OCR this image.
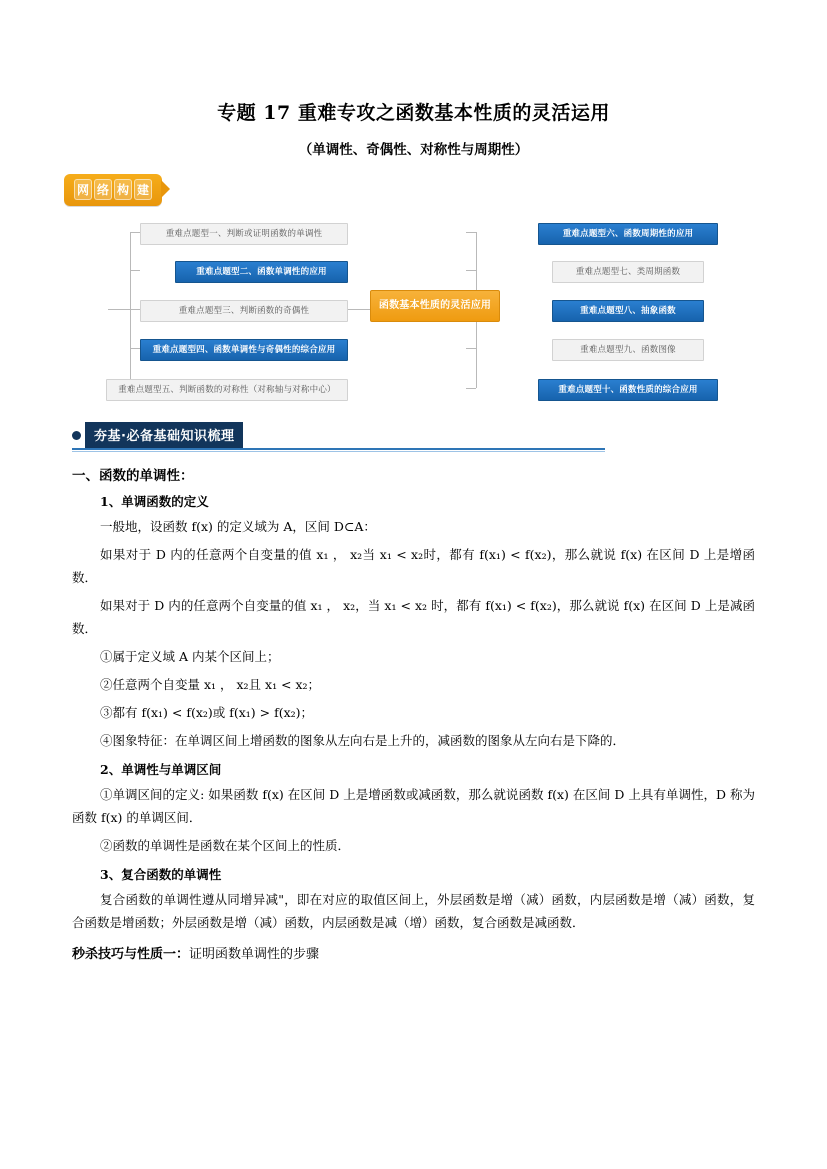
专题 17 重难专攻之函数基本性质的灵活运用
（单调性、奇偶性、对称性与周期性）
网 络 构 建
重难点题型一、判断或证明函数的单调性
重难点题型二、函数单调性的应用
重难点题型三、判断函数的奇偶性
重难点题型四、函数单调性与奇偶性的综合应用
重难点题型五、判断函数的对称性（对称轴与对称中心）
函数基本性质的灵活应用
重难点题型六、函数周期性的应用
重难点题型七、类周期函数
重难点题型八、抽象函数
重难点题型九、函数图像
重难点题型十、函数性质的综合应用
夯基·必备基础知识梳理
一、函数的单调性：
1、单调函数的定义

一般地，设函数 f(x) 的定义域为 A，区间 D⊂A：

如果对于 D 内的任意两个自变量的值 x₁ ， x₂当 x₁ < x₂时，都有 f(x₁) < f(x₂)，那么就说 f(x) 在区间 D 上是增函数．

如果对于 D 内的任意两个自变量的值 x₁ ， x₂，当 x₁ < x₂ 时，都有 f(x₁) < f(x₂)，那么就说 f(x) 在区间 D 上是减函数．

①属于定义域 A 内某个区间上；

②任意两个自变量 x₁ ， x₂且 x₁ < x₂；

③都有 f(x₁) < f(x₂)或 f(x₁) > f(x₂)；

④图象特征：在单调区间上增函数的图象从左向右是上升的，减函数的图象从左向右是下降的．

2、单调性与单调区间

①单调区间的定义: 如果函数 f(x) 在区间 D 上是增函数或减函数，那么就说函数 f(x) 在区间 D 上具有单调性，D 称为函数 f(x) 的单调区间．

②函数的单调性是函数在某个区间上的性质．

3、复合函数的单调性

复合函数的单调性遵从同增异减"，即在对应的取值区间上，外层函数是增（减）函数，内层函数是增（减）函数，复合函数是增函数；外层函数是增（减）函数，内层函数是减（增）函数，复合函数是减函数．

秒杀技巧与性质一：证明函数单调性的步骤
